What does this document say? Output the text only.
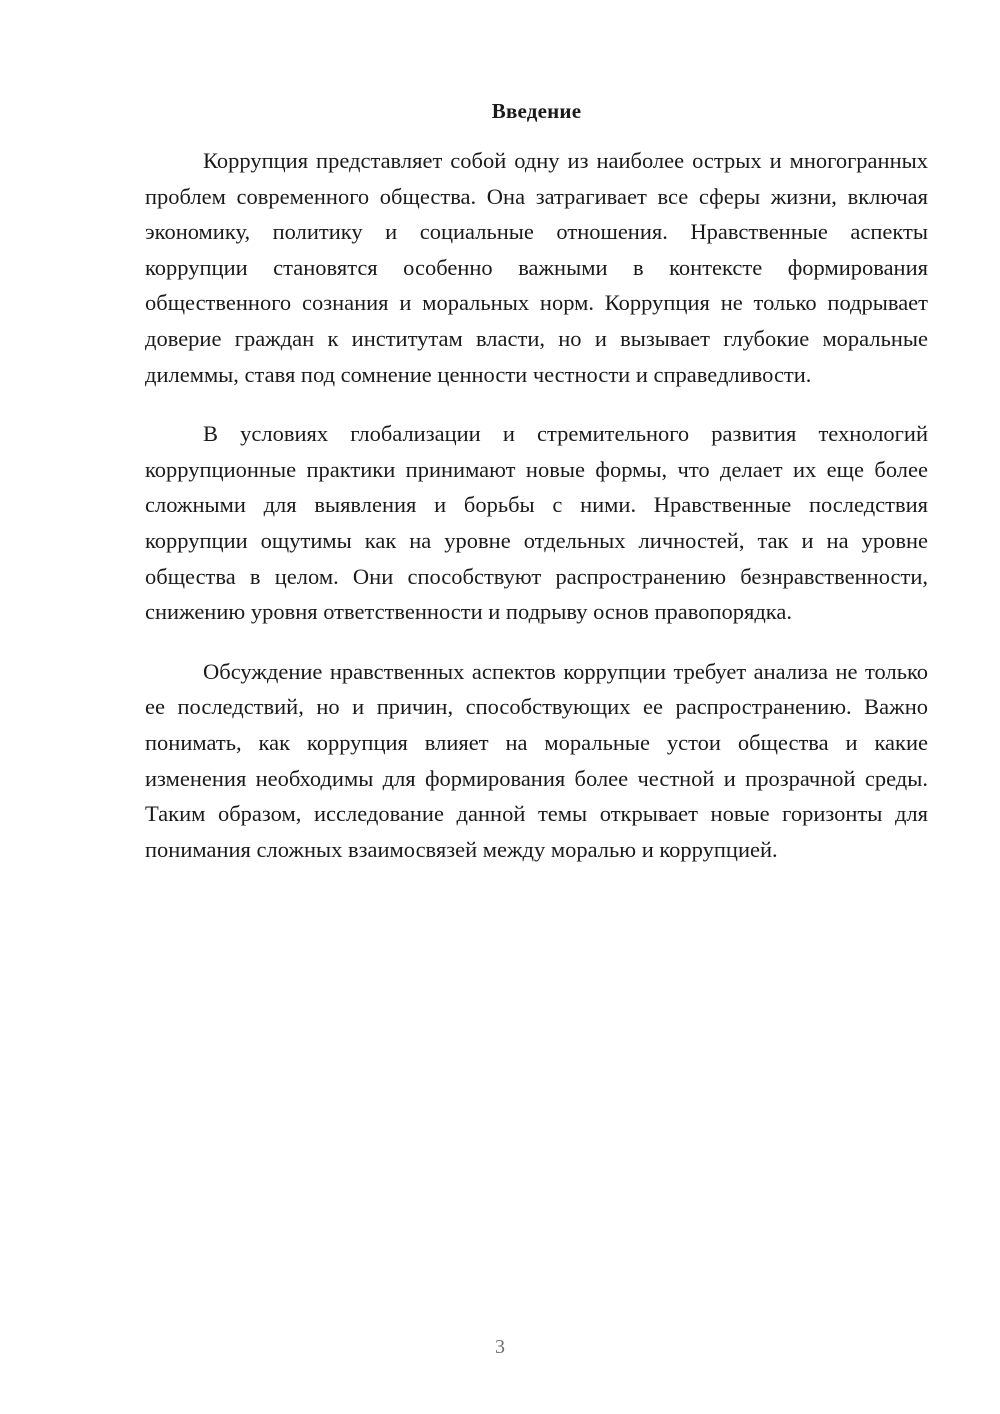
Введение

Коррупция представляет собой одну из наиболее острых и многогранных проблем современного общества. Она затрагивает все сферы жизни, включая экономику, политику и социальные отношения. Нравственные аспекты коррупции становятся особенно важными в контексте формирования общественного сознания и моральных норм. Коррупция не только подрывает доверие граждан к институтам власти, но и вызывает глубокие моральные дилеммы, ставя под сомнение ценности честности и справедливости.

В условиях глобализации и стремительного развития технологий коррупционные практики принимают новые формы, что делает их еще более сложными для выявления и борьбы с ними. Нравственные последствия коррупции ощутимы как на уровне отдельных личностей, так и на уровне общества в целом. Они способствуют распространению безнравственности, снижению уровня ответственности и подрыву основ правопорядка.

Обсуждение нравственных аспектов коррупции требует анализа не только ее последствий, но и причин, способствующих ее распространению. Важно понимать, как коррупция влияет на моральные устои общества и какие изменения необходимы для формирования более честной и прозрачной среды. Таким образом, исследование данной темы открывает новые горизонты для понимания сложных взаимосвязей между моралью и коррупцией.

3
